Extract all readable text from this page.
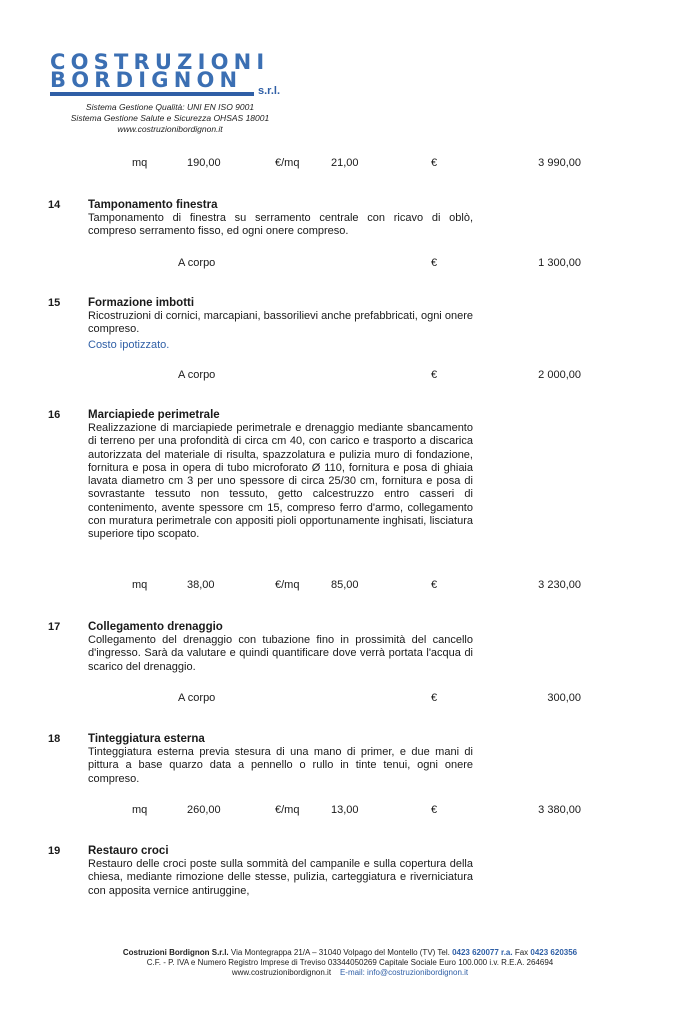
COSTRUZIONI
BORDIGNON	s.r.l.
Sistema Gestione Qualità: UNI EN ISO 9001
Sistema Gestione Salute e Sicurezza OHSAS 18001
www.costruzionibordignon.it
mq	190,00	€/mq	21,00	€	3 990,00
14 Tamponamento finestra

Tamponamento di finestra su serramento centrale con ricavo di oblò, compreso serramento fisso, ed ogni onere compreso.

A corpo	€	1 300,00
15 Formazione imbotti

Ricostruzioni di cornici, marcapiani, bassorilievi anche prefabbricati, ogni onere compreso.

Costo ipotizzato.
A corpo	€	2 000,00
16 Marciapiede perimetrale

Realizzazione di marciapiede perimetrale e drenaggio mediante sbancamento di terreno per una profondità di circa cm 40, con carico e trasporto a discarica autorizzata del materiale di risulta, spazzolatura e pulizia muro di fondazione, fornitura e posa in opera di tubo microforato Ø 110, fornitura e posa di ghiaia lavata diametro cm 3 per uno spessore di circa 25/30 cm, fornitura e posa di sovrastante tessuto non tessuto, getto calcestruzzo entro casseri di contenimento, avente spessore cm 15, compreso ferro d'armo, collegamento con muratura perimetrale con appositi pioli opportunamente inghisati, lisciatura superiore tipo scopato.

mq	38,00	€/mq	85,00	€	3 230,00
17 Collegamento drenaggio

Collegamento del drenaggio con tubazione fino in prossimità del cancello d'ingresso. Sarà da valutare e quindi quantificare dove verrà portata l'acqua di scarico del drenaggio.

A corpo	€	300,00
18 Tinteggiatura esterna

Tinteggiatura esterna previa stesura di una mano di primer, e due mani di pittura a base quarzo data a pennello o rullo in tinte tenui, ogni onere compreso.

mq	260,00	€/mq	13,00	€	3 380,00
19 Restauro croci

Restauro delle croci poste sulla sommità del campanile e sulla copertura della chiesa, mediante rimozione delle stesse, pulizia, carteggiatura e riverniciatura con apposita vernice antiruggine,

Costruzioni Bordignon S.r.l. Via Montegrappa 21/A – 31040 Volpago del Montello (TV) Tel. 0423 620077 r.a. Fax 0423 620356
C.F. - P. IVA e Numero Registro Imprese di Treviso 03344050269 Capitale Sociale Euro 100.000 i.v. R.E.A. 264694
www.costruzionibordignon.it E-mail: info@costruzionibordignon.it
